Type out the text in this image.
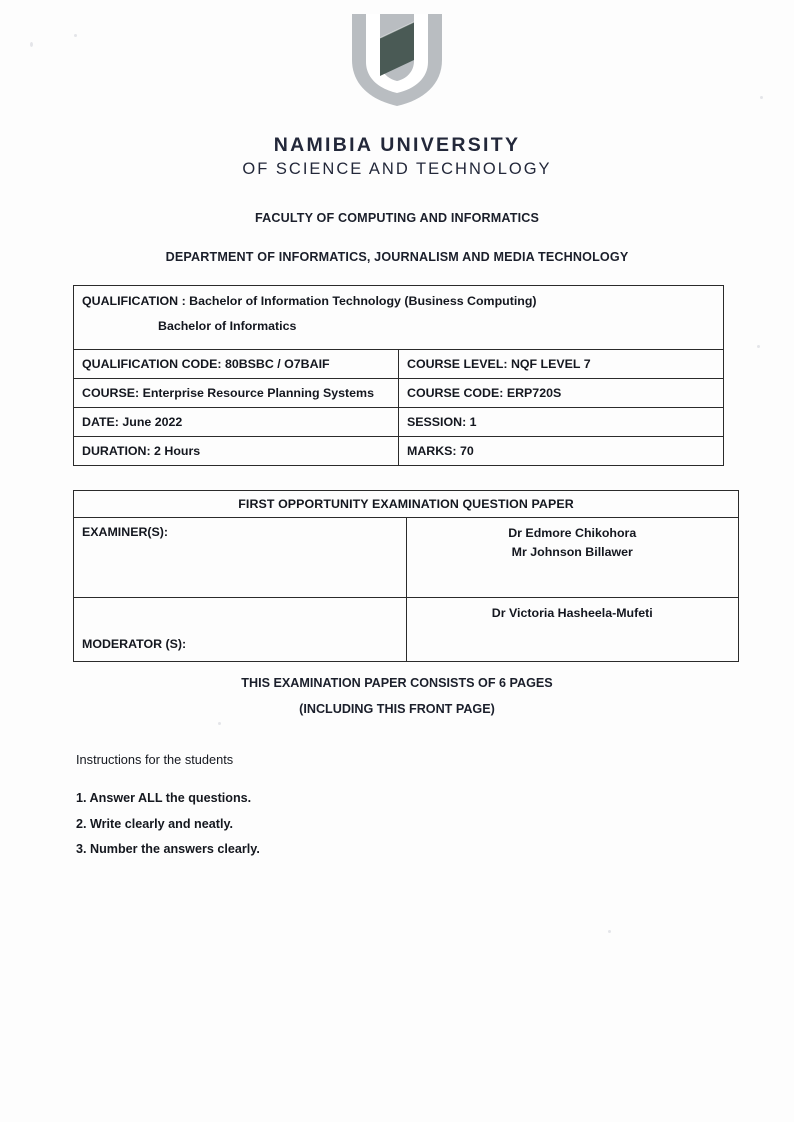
NAMIBIA UNIVERSITY
OF SCIENCE AND TECHNOLOGY
FACULTY OF COMPUTING AND INFORMATICS
DEPARTMENT OF INFORMATICS, JOURNALISM AND MEDIA TECHNOLOGY
QUALIFICATION : Bachelor of Information Technology (Business Computing)
Bachelor of Informatics	

QUALIFICATION CODE: 80BSBC / O7BAIF	COURSE LEVEL: NQF LEVEL 7
COURSE: Enterprise Resource Planning Systems	COURSE CODE: ERP720S
DATE: June 2022	SESSION: 1
DURATION: 2 Hours	MARKS: 70
FIRST OPPORTUNITY EXAMINATION QUESTION PAPER	
EXAMINER(S):	Dr Edmore Chikohora
Mr Johnson Billawer

MODERATOR (S):	Dr Victoria Hasheela-Mufeti
THIS EXAMINATION PAPER CONSISTS OF 6 PAGES
(INCLUDING THIS FRONT PAGE)
Instructions for the students
1. Answer ALL the questions.
2. Write clearly and neatly.
3. Number the answers clearly.
